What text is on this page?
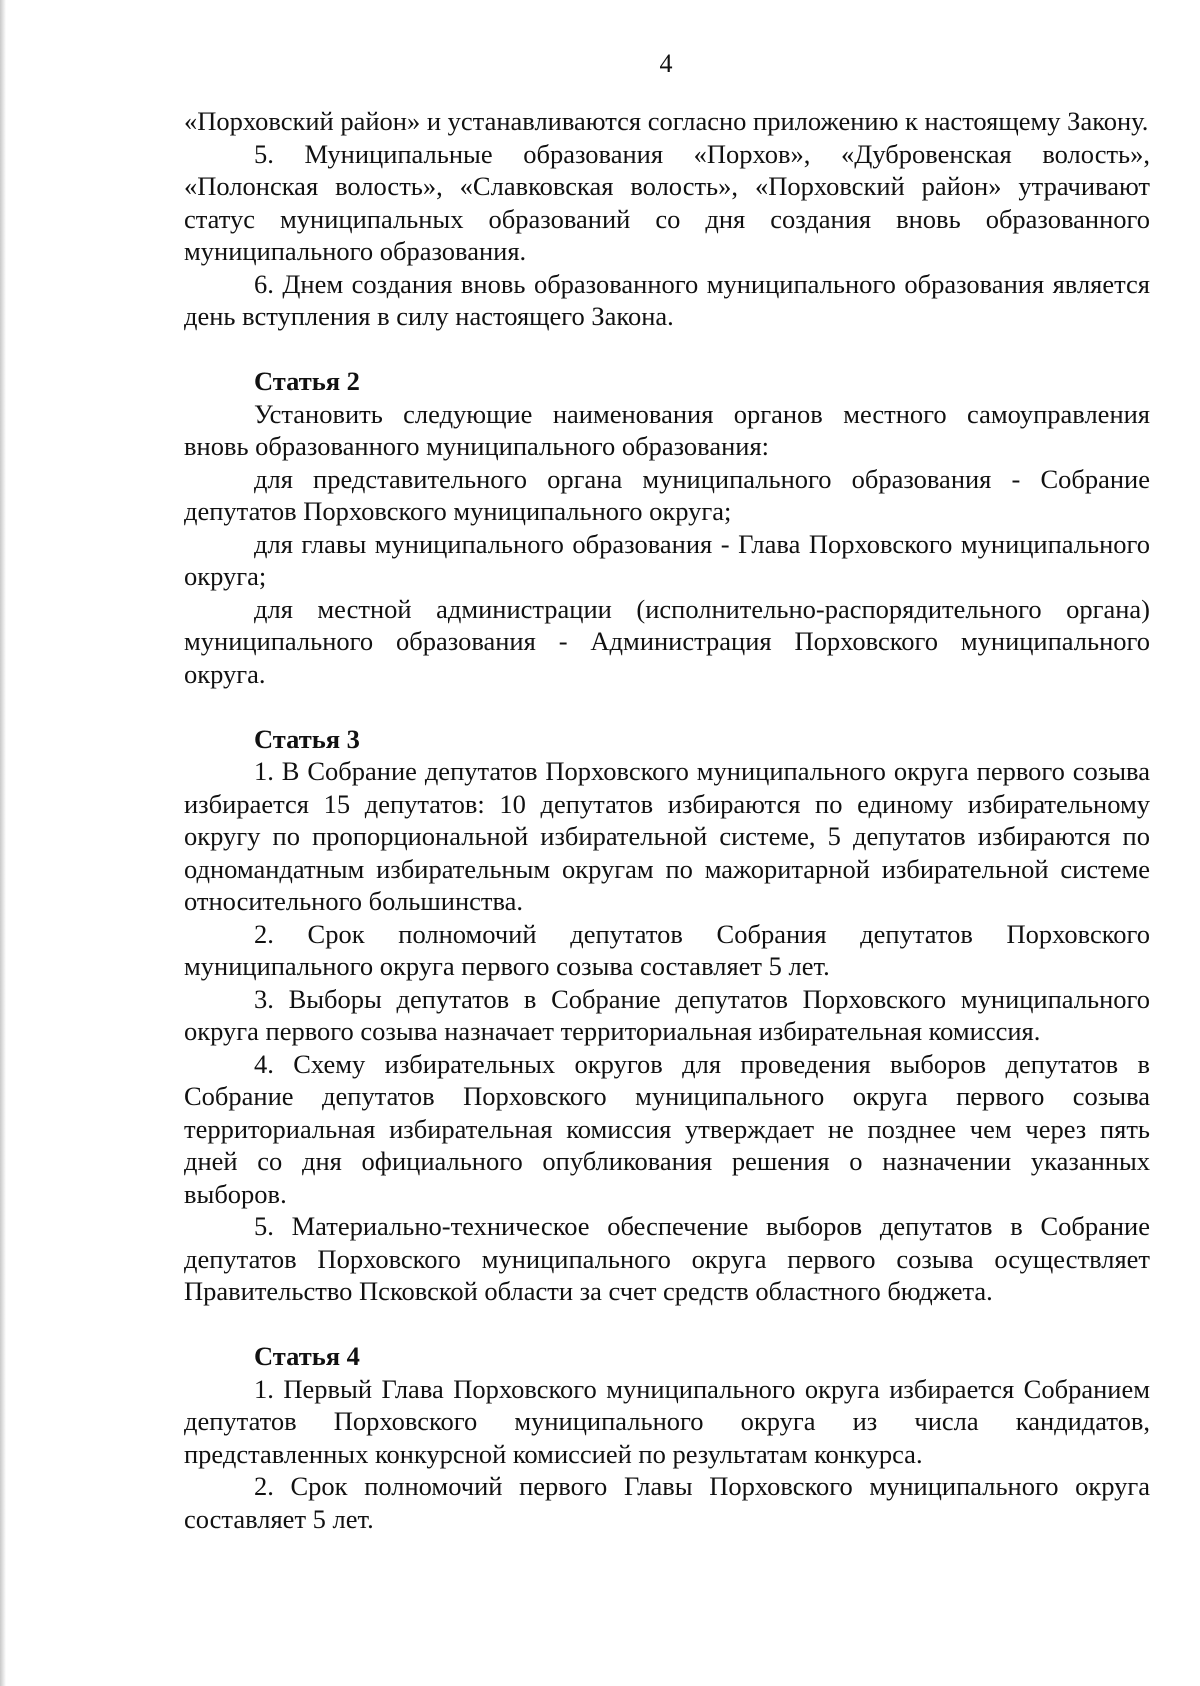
4

«Порховский район» и устанавливаются согласно приложению к настоящему Закону.

5. Муниципальные образования «Порхов», «Дубровенская волость», «Полонская волость», «Славковская волость», «Порховский район» утрачивают статус муниципальных образований со дня создания вновь образованного муниципального образования.

6. Днем создания вновь образованного муниципального образования является день вступления в силу настоящего Закона.

Статья 2

Установить следующие наименования органов местного самоуправления вновь образованного муниципального образования:

для представительного органа муниципального образования - Собрание депутатов Порховского муниципального округа;

для главы муниципального образования - Глава Порховского муниципального округа;

для местной администрации (исполнительно-распорядительного органа) муниципального образования - Администрация Порховского муниципального округа.

Статья 3

1. В Собрание депутатов Порховского муниципального округа первого созыва избирается 15 депутатов: 10 депутатов избираются по единому избирательному округу по пропорциональной избирательной системе, 5 депутатов избираются по одномандатным избирательным округам по мажоритарной избирательной системе относительного большинства.

2. Срок полномочий депутатов Собрания депутатов Порховского муниципального округа первого созыва составляет 5 лет.

3. Выборы депутатов в Собрание депутатов Порховского муниципального округа первого созыва назначает территориальная избирательная комиссия.

4. Схему избирательных округов для проведения выборов депутатов в Собрание депутатов Порховского муниципального округа первого созыва территориальная избирательная комиссия утверждает не позднее чем через пять дней со дня официального опубликования решения о назначении указанных выборов.

5. Материально-техническое обеспечение выборов депутатов в Собрание депутатов Порховского муниципального округа первого созыва осуществляет Правительство Псковской области за счет средств областного бюджета.

Статья 4

1. Первый Глава Порховского муниципального округа избирается Собранием депутатов Порховского муниципального округа из числа кандидатов, представленных конкурсной комиссией по результатам конкурса.

2. Срок полномочий первого Главы Порховского муниципального округа составляет 5 лет.
